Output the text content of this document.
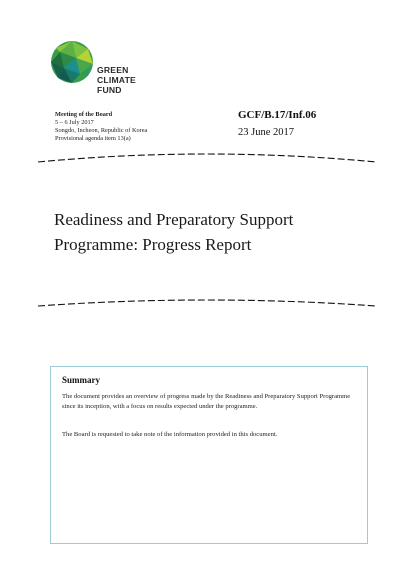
GREEN
CLIMATE
FUND
Meeting of the Board
5 – 6 July 2017
Songdo, Incheon, Republic of Korea
Provisional agenda item 13(a)
GCF/B.17/Inf.06
23 June 2017
Readiness and Preparatory Support
Programme: Progress Report
Summary
The document provides an overview of progress made by the Readiness and Preparatory Support Programme since its inception, with a focus on results expected under the programme.
The Board is requested to take note of the information provided in this document.
